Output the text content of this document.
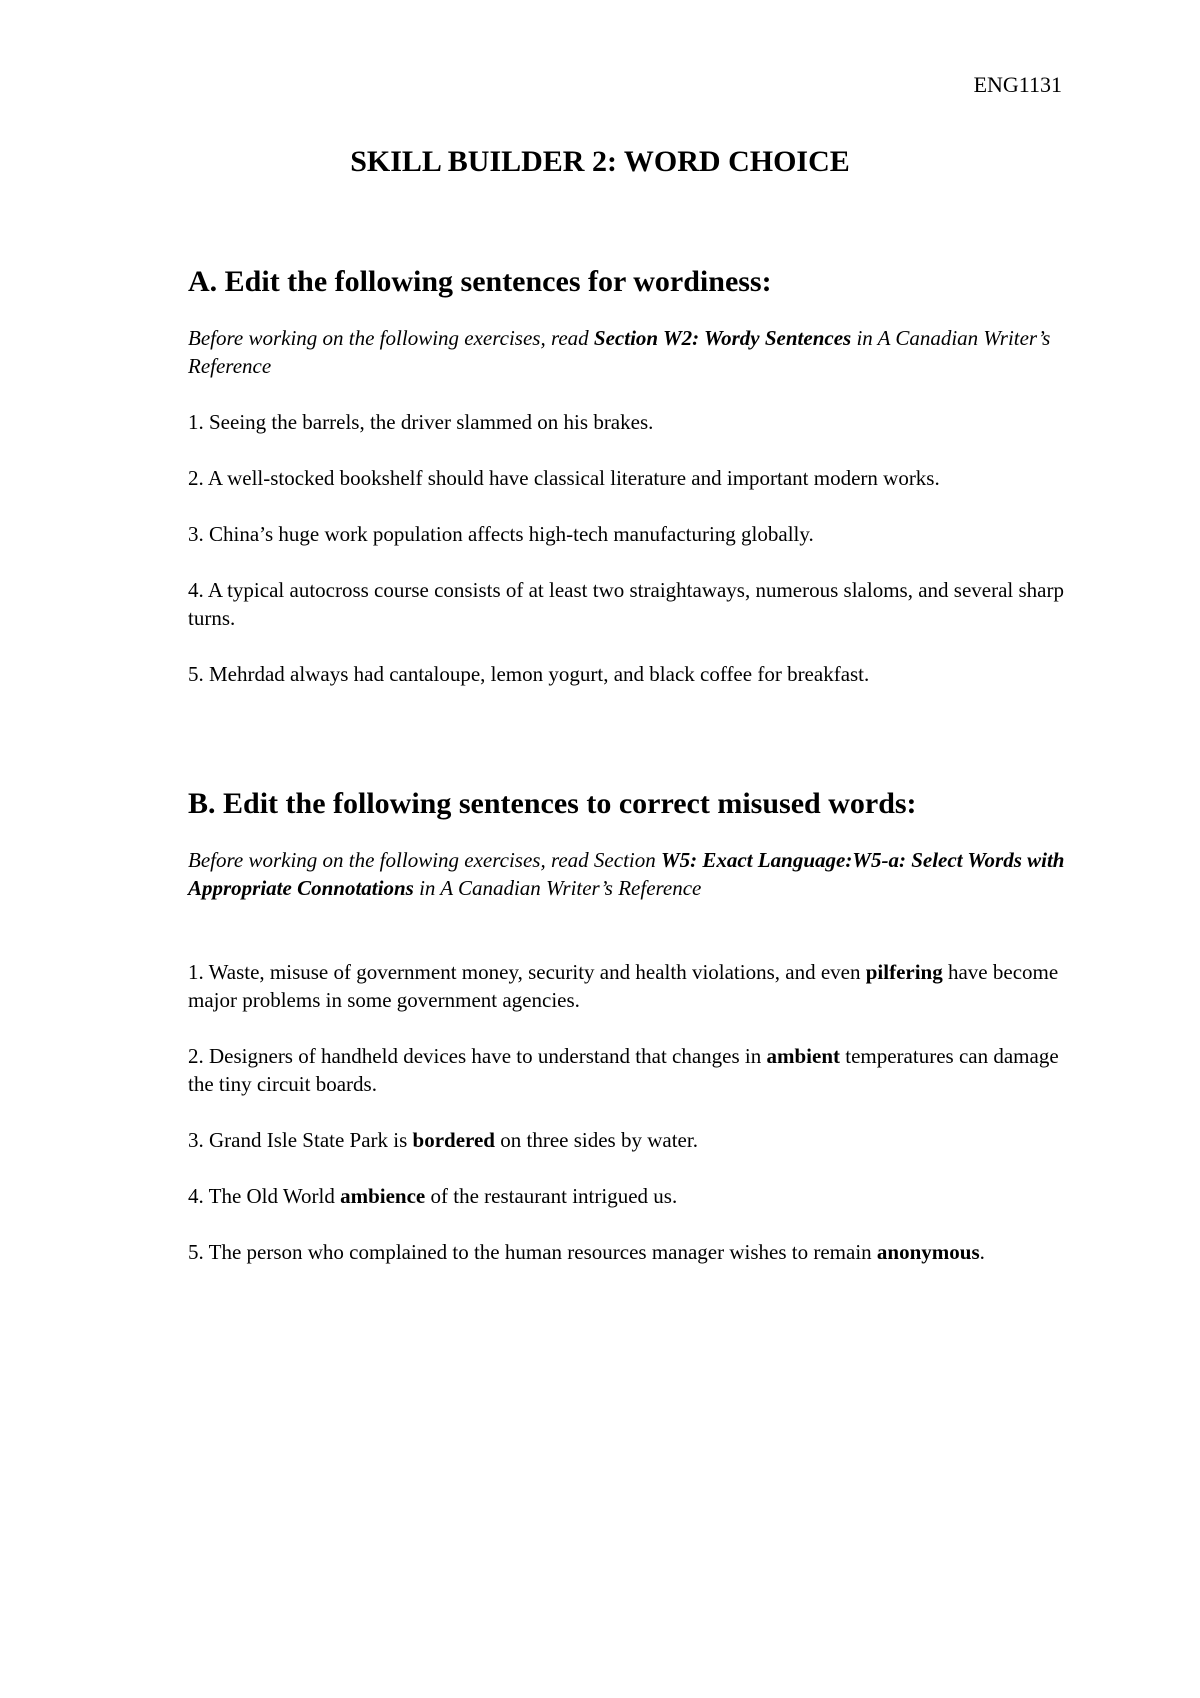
ENG1131

SKILL BUILDER 2: WORD CHOICE
A. Edit the following sentences for wordiness:

Before working on the following exercises, read Section W2: Wordy Sentences in A Canadian Writer’s Reference

1. Seeing the barrels, the driver slammed on his brakes.
2. A well-stocked bookshelf should have classical literature and important modern works.
3. China’s huge work population affects high-tech manufacturing globally.
4. A typical autocross course consists of at least two straightaways, numerous slaloms, and several sharp turns.
5. Mehrdad always had cantaloupe, lemon yogurt, and black coffee for breakfast.
B. Edit the following sentences to correct misused words:

Before working on the following exercises, read Section W5: Exact Language:W5-a: Select Words with Appropriate Connotations in A Canadian Writer’s Reference

1. Waste, misuse of government money, security and health violations, and even pilfering have become major problems in some government agencies.
2. Designers of handheld devices have to understand that changes in ambient temperatures can damage the tiny circuit boards.
3. Grand Isle State Park is bordered on three sides by water.
4. The Old World ambience of the restaurant intrigued us.
5. The person who complained to the human resources manager wishes to remain anonymous.
